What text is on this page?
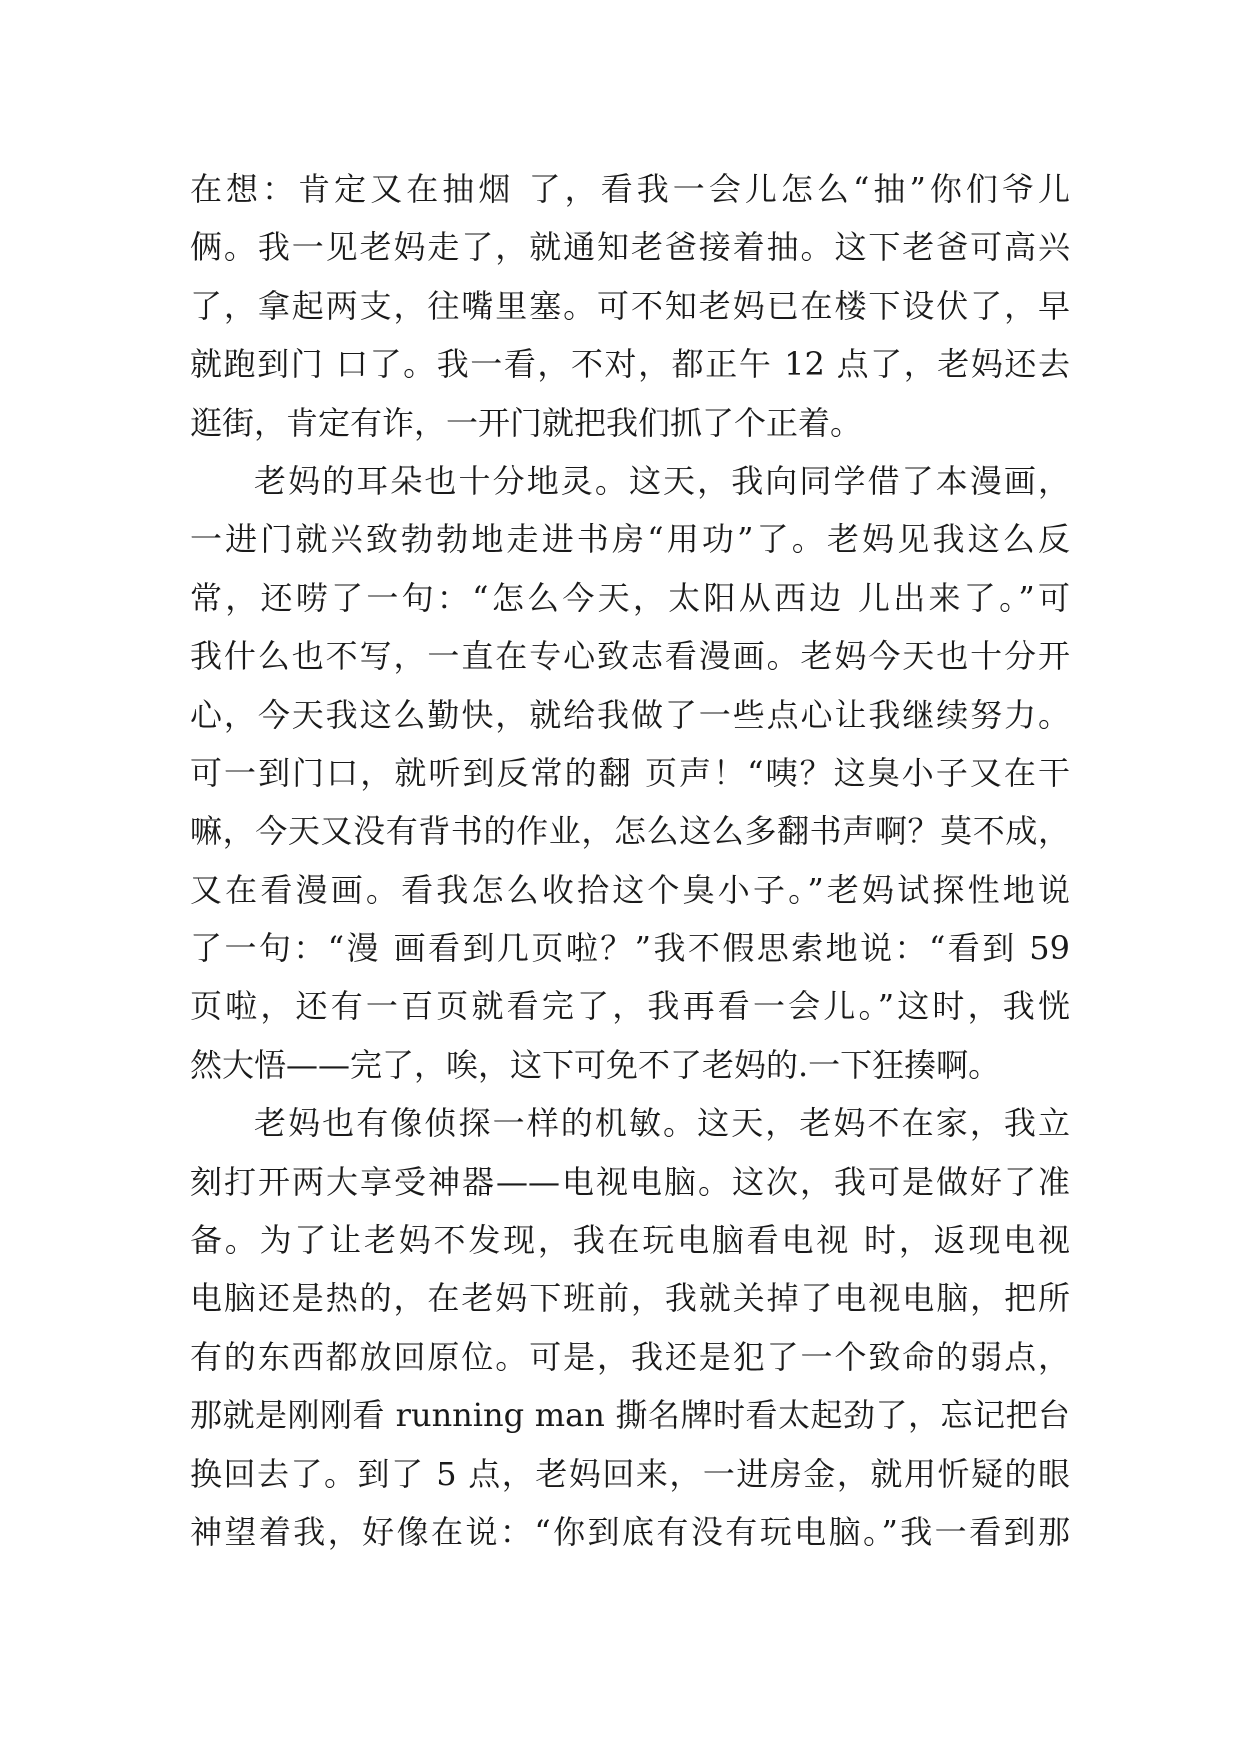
在想：肯定又在抽烟 了，看我一会儿怎么“抽”你们爷儿
俩。我一见老妈走了，就通知老爸接着抽。这下老爸可高兴
了，拿起两支，往嘴里塞。可不知老妈已在楼下设伏了，早
就跑到门 口了。我一看，不对，都正午 12 点了，老妈还去
逛街，肯定有诈，一开门就把我们抓了个正着。
老妈的耳朵也十分地灵。这天，我向同学借了本漫画，
一进门就兴致勃勃地走进书房“用功”了。老妈见我这么反
常，还唠了一句：“怎么今天，太阳从西边 儿出来了。”可
我什么也不写，一直在专心致志看漫画。老妈今天也十分开
心，今天我这么勤快，就给我做了一些点心让我继续努力。
可一到门口，就听到反常的翻 页声！“咦？这臭小子又在干
嘛，今天又没有背书的作业，怎么这么多翻书声啊？莫不成，
又在看漫画。看我怎么收拾这个臭小子。”老妈试探性地说
了一句：“漫 画看到几页啦？”我不假思索地说：“看到 59
页啦，还有一百页就看完了，我再看一会儿。”这时，我恍
然大悟——完了，唉，这下可免不了老妈的.一下狂揍啊。
老妈也有像侦探一样的机敏。这天，老妈不在家，我立
刻打开两大享受神器——电视电脑。这次，我可是做好了准
备。为了让老妈不发现，我在玩电脑看电视 时，返现电视
电脑还是热的，在老妈下班前，我就关掉了电视电脑，把所
有的东西都放回原位。可是，我还是犯了一个致命的弱点，
那就是刚刚看 running man 撕名牌时看太起劲了，忘记把台
换回去了。到了 5 点，老妈回来，一进房金，就用忻疑的眼
神望着我，好像在说：“你到底有没有玩电脑。”我一看到那
